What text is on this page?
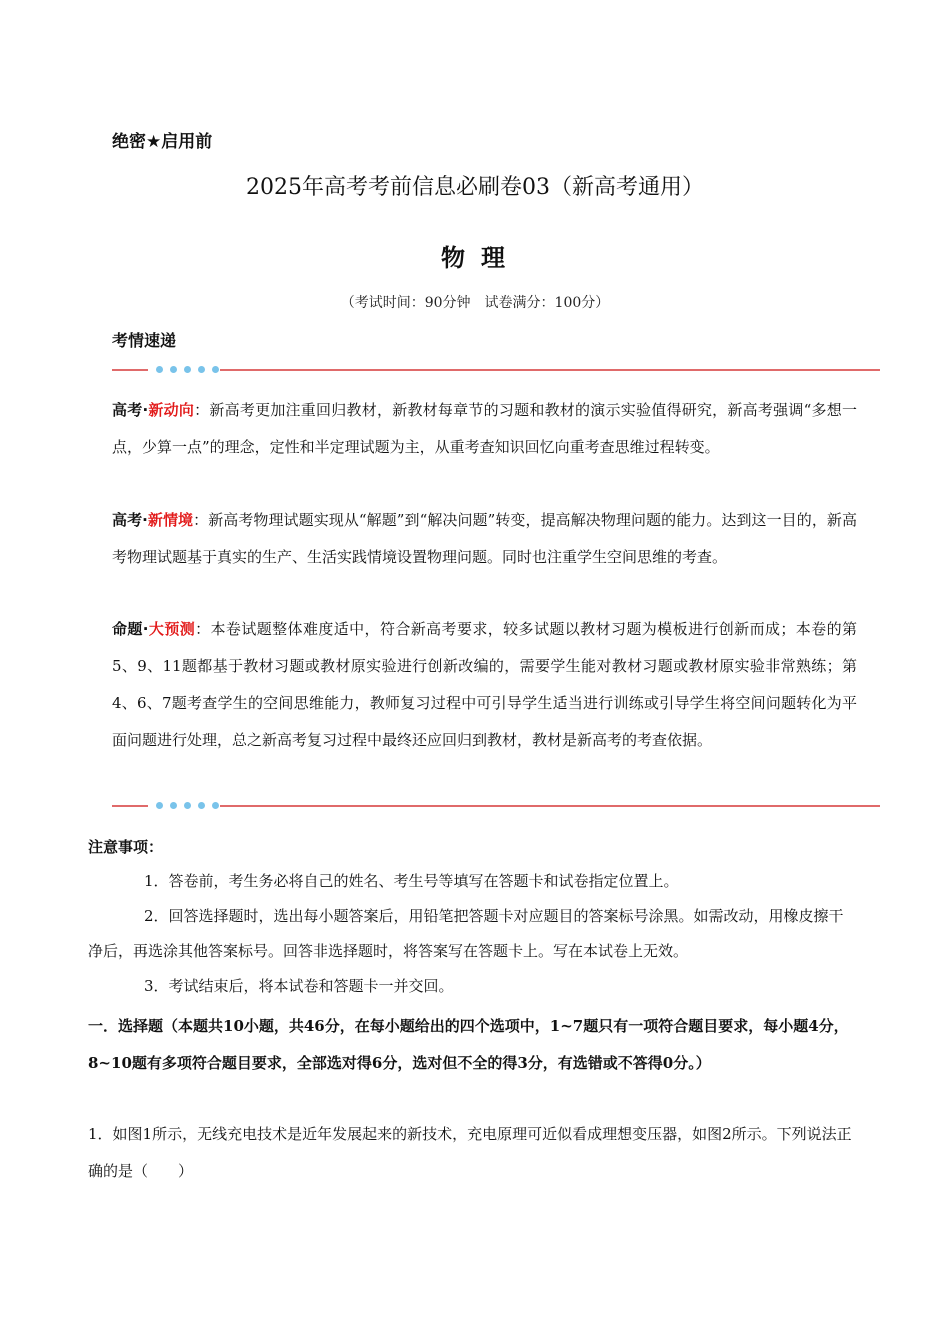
绝密★启用前
2025年高考考前信息必刷卷03（新高考通用）
物 理
（考试时间：90分钟　试卷满分：100分）
考情速递
高考·新动向：新高考更加注重回归教材，新教材每章节的习题和教材的演示实验值得研究，新高考强调“多想一点，少算一点”的理念，定性和半定理试题为主，从重考查知识回忆向重考查思维过程转变。
高考·新情境：新高考物理试题实现从“解题”到“解决问题”转变，提高解决物理问题的能力。达到这一目的，新高考物理试题基于真实的生产、生活实践情境设置物理问题。同时也注重学生空间思维的考查。
命题·大预测：本卷试题整体难度适中，符合新高考要求，较多试题以教材习题为模板进行创新而成；本卷的第5、9、11题都基于教材习题或教材原实验进行创新改编的，需要学生能对教材习题或教材原实验非常熟练；第4、6、7题考查学生的空间思维能力，教师复习过程中可引导学生适当进行训练或引导学生将空间问题转化为平面问题进行处理，总之新高考复习过程中最终还应回归到教材，教材是新高考的考查依据。
注意事项：
1．答卷前，考生务必将自己的姓名、考生号等填写在答题卡和试卷指定位置上。
2．回答选择题时，选出每小题答案后，用铅笔把答题卡对应题目的答案标号涂黑。如需改动，用橡皮擦干净后，再选涂其他答案标号。回答非选择题时，将答案写在答题卡上。写在本试卷上无效。
3．考试结束后，将本试卷和答题卡一并交回。
一．选择题（本题共10小题，共46分，在每小题给出的四个选项中，1~7题只有一项符合题目要求，每小题4分，8~10题有多项符合题目要求，全部选对得6分，选对但不全的得3分，有选错或不答得0分。）
1．如图1所示，无线充电技术是近年发展起来的新技术，充电原理可近似看成理想变压器，如图2所示。下列说法正确的是（　　）
